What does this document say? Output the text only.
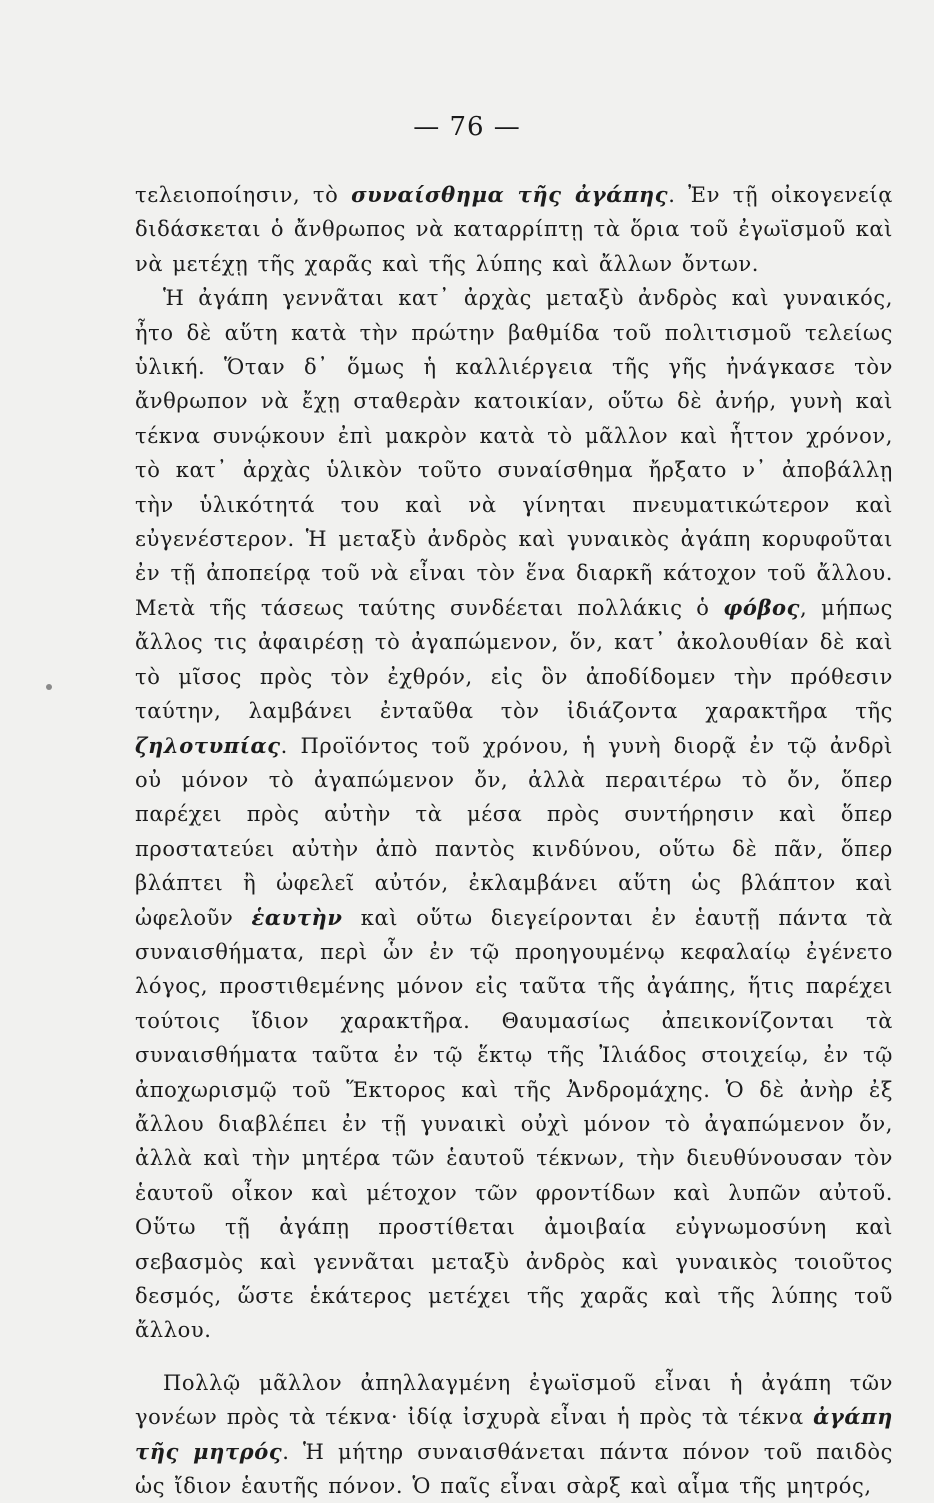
— 76 —

τελειοποίησιν, τὸ συναίσθημα τῆς ἀγάπης. Ἐν τῇ οἰκογενείᾳ διδάσκεται ὁ ἄνθρωπος νὰ καταρρίπτῃ τὰ ὅρια τοῦ ἐγωϊσμοῦ καὶ νὰ μετέχῃ τῆς χαρᾶς καὶ τῆς λύπης καὶ ἄλλων ὄντων.

Ἡ ἀγάπη γεννᾶται κατ᾽ ἀρχὰς μεταξὺ ἀνδρὸς καὶ γυναικός, ἦτο δὲ αὕτη κατὰ τὴν πρώτην βαθμίδα τοῦ πολιτισμοῦ τελείως ὑλική. Ὅταν δ᾽ ὅμως ἡ καλλιέργεια τῆς γῆς ἠνάγκασε τὸν ἄνθρωπον νὰ ἔχῃ σταθερὰν κατοικίαν, οὕτω δὲ ἀνήρ, γυνὴ καὶ τέκνα συνῴκουν ἐπὶ μακρὸν κατὰ τὸ μᾶλλον καὶ ἧττον χρόνον, τὸ κατ᾽ ἀρχὰς ὑλικὸν τοῦτο συναίσθημα ἤρξατο ν᾽ ἀποβάλλῃ τὴν ὑλικότητά του καὶ νὰ γίνηται πνευματικώτερον καὶ εὐγενέστερον. Ἡ μεταξὺ ἀνδρὸς καὶ γυναικὸς ἀγάπη κορυφοῦται ἐν τῇ ἀποπείρᾳ τοῦ νὰ εἶναι τὸν ἕνα διαρκῆ κάτοχον τοῦ ἄλλου. Μετὰ τῆς τάσεως ταύτης συνδέεται πολλάκις ὁ φόβος, μήπως ἄλλος τις ἀφαιρέσῃ τὸ ἀγαπώμενον, ὅν, κατ᾽ ἀκολουθίαν δὲ καὶ τὸ μῖσος πρὸς τὸν ἐχθρόν, εἰς ὃν ἀποδίδομεν τὴν πρόθεσιν ταύτην, λαμβάνει ἐνταῦθα τὸν ἰδιάζοντα χαρακτῆρα τῆς ζηλοτυπίας. Προϊόντος τοῦ χρόνου, ἡ γυνὴ διορᾷ ἐν τῷ ἀνδρὶ οὐ μόνον τὸ ἀγαπώμενον ὄν, ἀλλὰ περαιτέρω τὸ ὄν, ὅπερ παρέχει πρὸς αὐτὴν τὰ μέσα πρὸς συντήρησιν καὶ ὅπερ προστατεύει αὐτὴν ἀπὸ παντὸς κινδύνου, οὕτω δὲ πᾶν, ὅπερ βλάπτει ἢ ὠφελεῖ αὐτόν, ἐκλαμβάνει αὕτη ὡς βλάπτον καὶ ὠφελοῦν ἑαυτὴν καὶ οὕτω διεγείρονται ἐν ἑαυτῇ πάντα τὰ συναισθήματα, περὶ ὧν ἐν τῷ προηγουμένῳ κεφαλαίῳ ἐγένετο λόγος, προστιθεμένης μόνον εἰς ταῦτα τῆς ἀγάπης, ἥτις παρέχει τούτοις ἴδιον χαρακτῆρα. Θαυμασίως ἀπεικονίζονται τὰ συναισθήματα ταῦτα ἐν τῷ ἕκτῳ τῆς Ἰλιάδος στοιχείῳ, ἐν τῷ ἀποχωρισμῷ τοῦ Ἕκτορος καὶ τῆς Ἀνδρομάχης. Ὁ δὲ ἀνὴρ ἐξ ἄλλου διαβλέπει ἐν τῇ γυναικὶ οὐχὶ μόνον τὸ ἀγαπώμενον ὄν, ἀλλὰ καὶ τὴν μητέρα τῶν ἑαυτοῦ τέκνων, τὴν διευθύνουσαν τὸν ἑαυτοῦ οἶκον καὶ μέτοχον τῶν φροντίδων καὶ λυπῶν αὐτοῦ. Οὕτω τῇ ἀγάπῃ προστίθεται ἀμοιβαία εὐγνωμοσύνη καὶ σεβασμὸς καὶ γεννᾶται μεταξὺ ἀνδρὸς καὶ γυναικὸς τοιοῦτος δεσμός, ὥστε ἑκάτερος μετέχει τῆς χαρᾶς καὶ τῆς λύπης τοῦ ἄλλου.

Πολλῷ μᾶλλον ἀπηλλαγμένη ἐγωϊσμοῦ εἶναι ἡ ἀγάπη τῶν γονέων πρὸς τὰ τέκνα· ἰδίᾳ ἰσχυρὰ εἶναι ἡ πρὸς τὰ τέκνα ἀγάπη τῆς μητρός. Ἡ μήτηρ συναισθάνεται πάντα πόνον τοῦ παιδὸς ὡς ἴδιον ἑαυτῆς πόνον. Ὁ παῖς εἶναι σὰρξ καὶ αἷμα τῆς μητρός,
